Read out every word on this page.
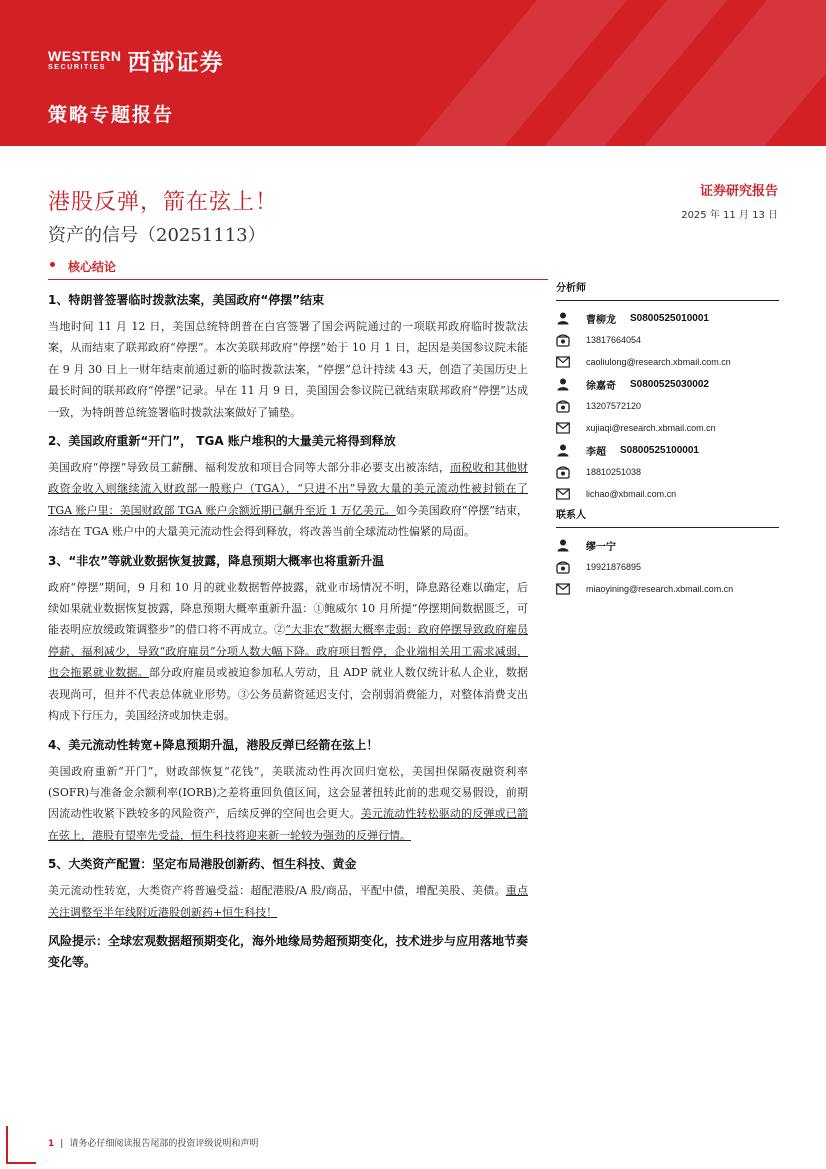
WESTERN
SECURITIES 西部证券
策略专题报告
港股反弹，箭在弦上！
资产的信号（20251113）
证券研究报告
2025 年 11 月 13 日
核心结论
1、特朗普签署临时拨款法案，美国政府“停摆”结束

当地时间 11 月 12 日，美国总统特朗普在白宫签署了国会两院通过的一项联邦政府临时拨款法案，从而结束了联邦政府“停摆”。本次美联邦政府“停摆”始于 10 月 1 日，起因是美国参议院未能在 9 月 30 日上一财年结束前通过新的临时拨款法案，“停摆”总计持续 43 天，创造了美国历史上最长时间的联邦政府“停摆”记录。早在 11 月 9 日，美国国会参议院已就结束联邦政府“停摆”达成一致，为特朗普总统签署临时拨款法案做好了铺垫。

2、美国政府重新“开门”， TGA 账户堆积的大量美元将得到释放

美国政府“停摆”导致员工薪酬、福利发放和项目合同等大部分非必要支出被冻结，而税收和其他财政资金收入则继续流入财政部一般账户（TGA），“只进不出”导致大量的美元流动性被封锁在了 TGA 账户里：美国财政部 TGA 账户余额近期已飙升至近 1 万亿美元。如今美国政府“停摆”结束，冻结在 TGA 账户中的大量美元流动性会得到释放，将改善当前全球流动性偏紧的局面。

3、“非农”等就业数据恢复披露，降息预期大概率也将重新升温

政府“停摆”期间，9 月和 10 月的就业数据暂停披露，就业市场情况不明，降息路径难以确定，后续如果就业数据恢复披露，降息预期大概率重新升温：①鲍威尔 10 月所提“停摆期间数据匮乏，可能表明应放缓政策调整步”的借口将不再成立。②“大非农”数据大概率走弱：政府停摆导致政府雇员停薪、福利减少，导致“政府雇员”分项人数大幅下降。政府项目暂停，企业端相关用工需求减弱，也会拖累就业数据。部分政府雇员或被迫参加私人劳动，且 ADP 就业人数仅统计私人企业，数据表现尚可，但并不代表总体就业形势。③公务员薪资延迟支付，会削弱消费能力，对整体消费支出构成下行压力，美国经济或加快走弱。

4、美元流动性转宽+降息预期升温，港股反弹已经箭在弦上！

美国政府重新“开门”，财政部恢复“花钱”，美联流动性再次回归宽松，美国担保隔夜融资利率(SOFR)与准备金余额利率(IORB)之差将重回负值区间，这会显著扭转此前的悲观交易假设，前期因流动性收紧下跌较多的风险资产，后续反弹的空间也会更大。美元流动性转松驱动的反弹或已箭在弦上，港股有望率先受益，恒生科技将迎来新一轮较为强劲的反弹行情。

5、大类资产配置：坚定布局港股创新药、恒生科技、黄金

美元流动性转宽，大类资产将普遍受益：超配港股/A 股/商品，平配中债，增配美股、美债。重点关注调整至半年线附近港股创新药+恒生科技！

风险提示：全球宏观数据超预期变化，海外地缘局势超预期变化，技术进步与应用落地节奏变化等。
分析师
曹柳龙 S0800525010001
13817664054
caoliulong@research.xbmail.com.cn
徐嘉奇 S0800525030002
13207572120
xujiaqi@research.xbmail.com.cn
李超 S0800525100001
18810251038
lichao@xbmail.com.cn
联系人
缪一宁
19921876895
miaoyining@research.xbmail.com.cn
1 | 请务必仔细阅读报告尾部的投资评级说明和声明
